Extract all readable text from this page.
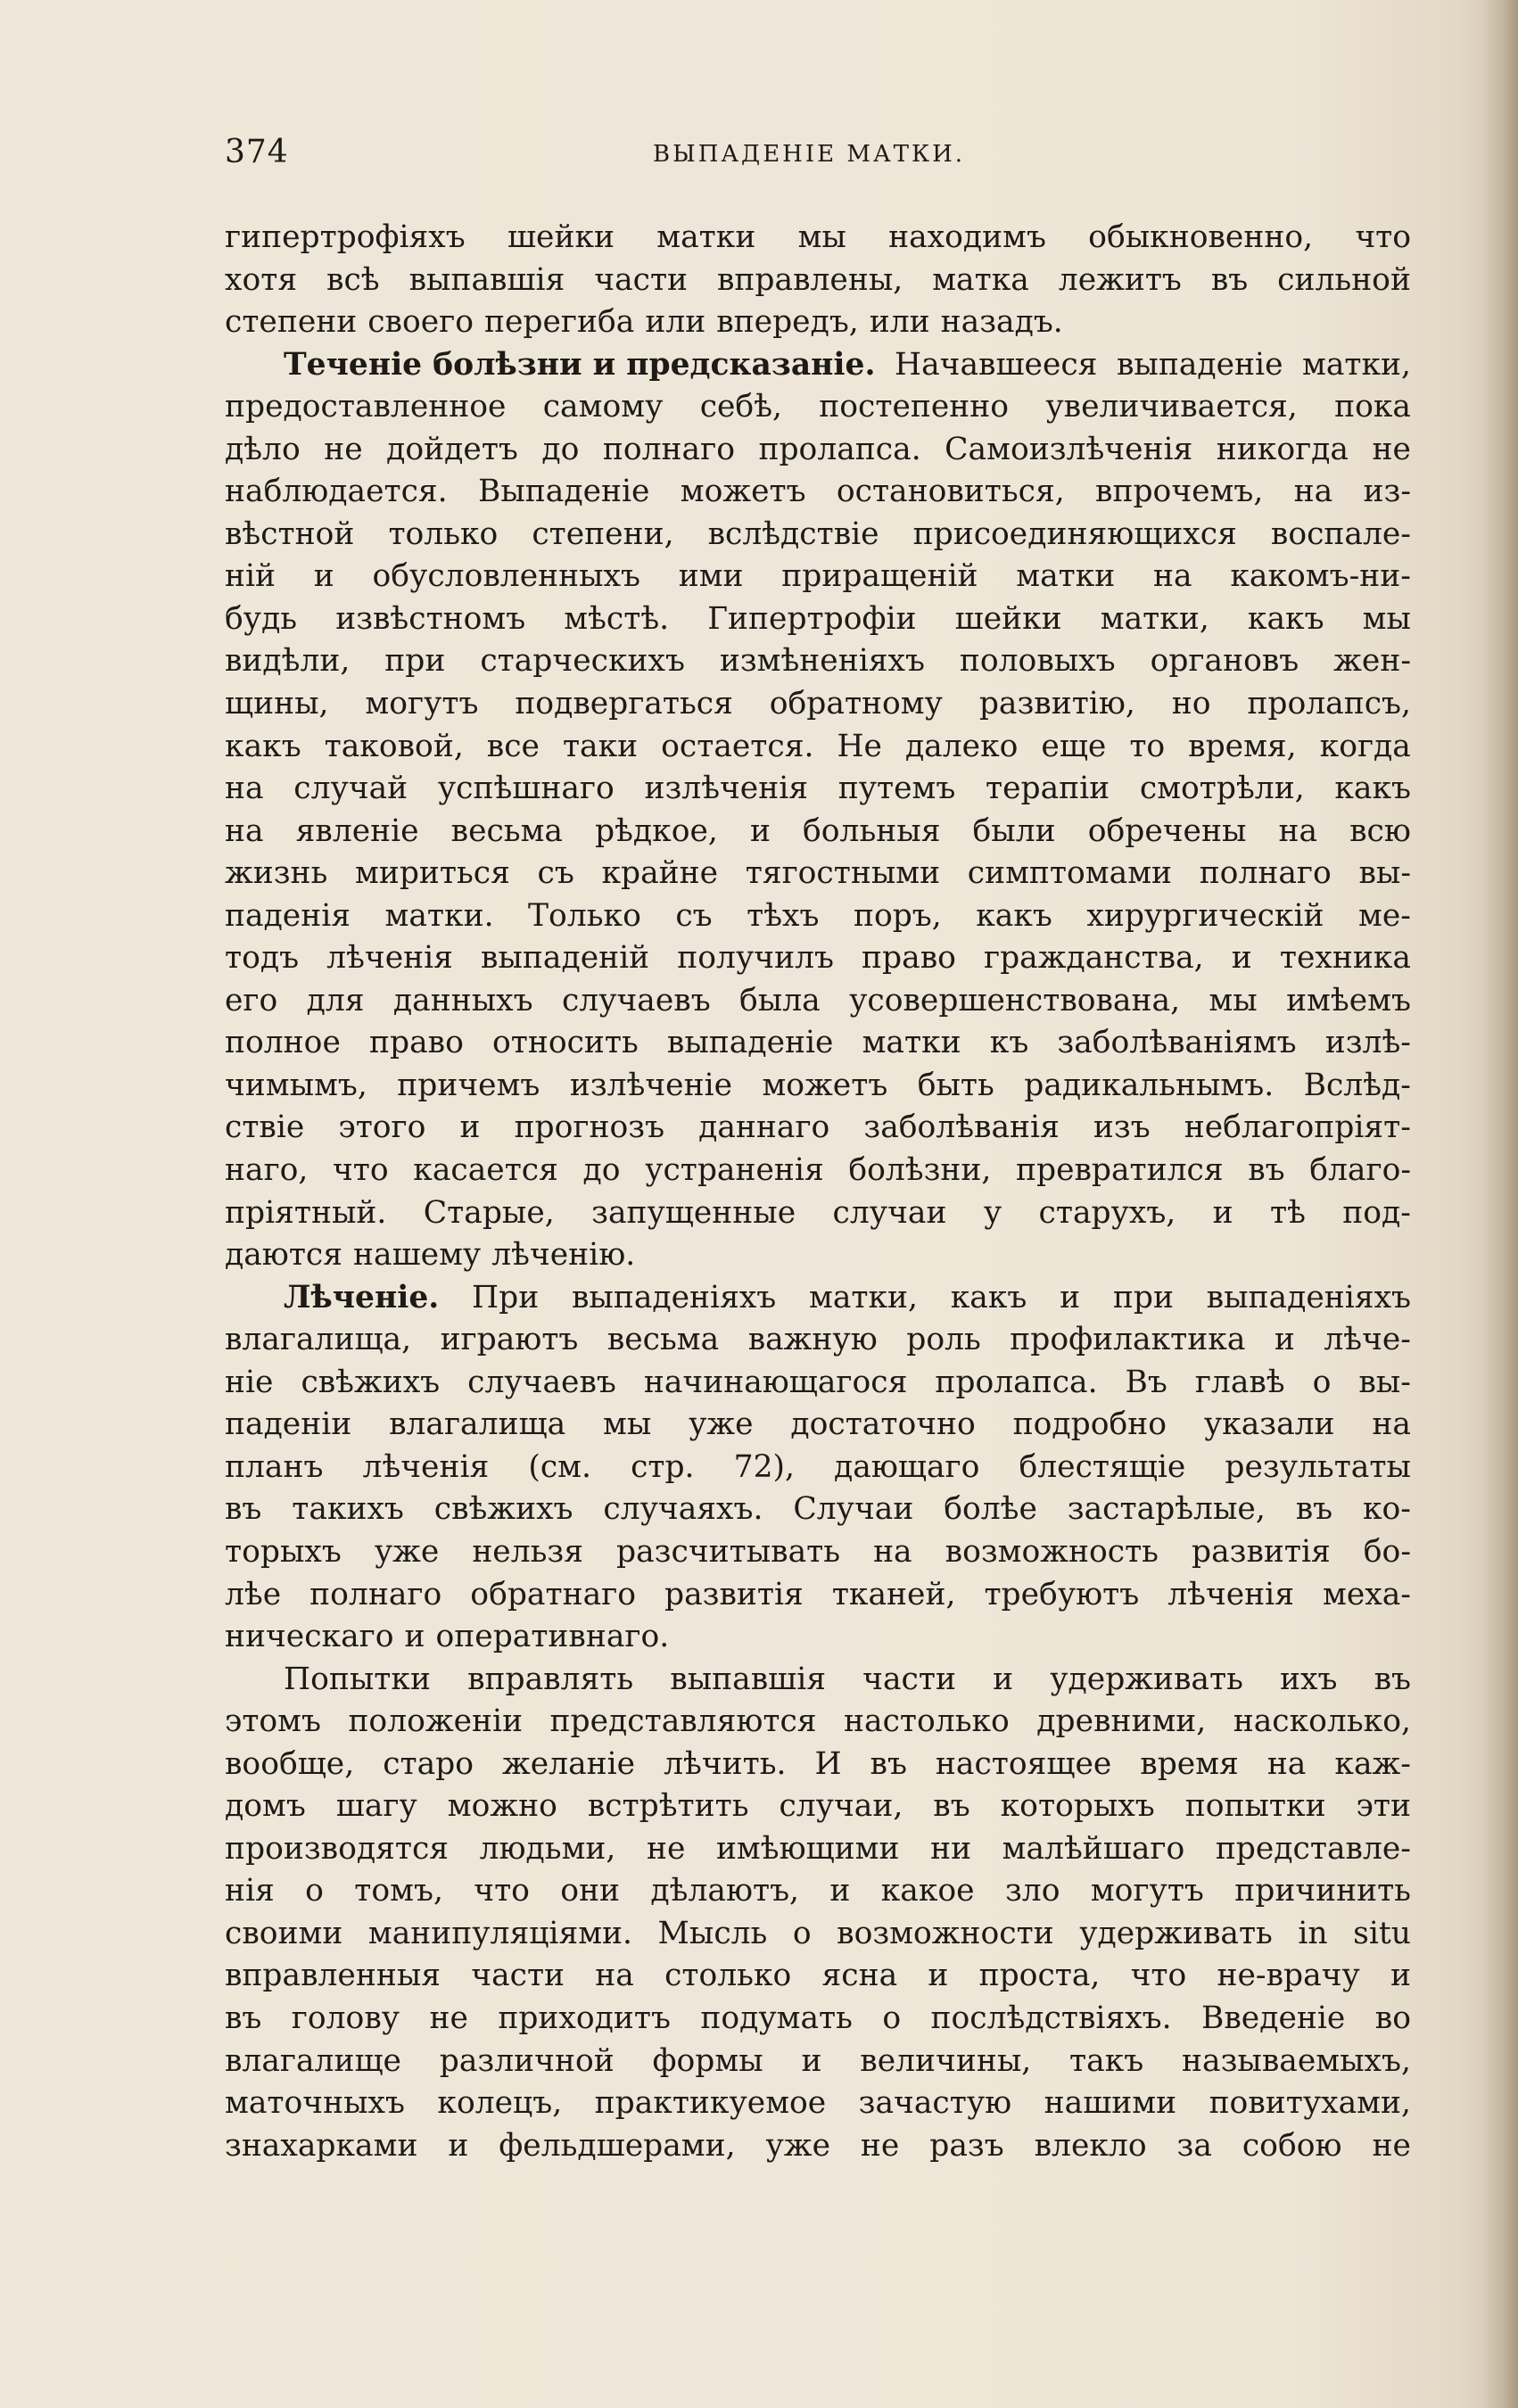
374	ВЫПАДЕНІЕ МАТКИ.
гипертрофіяхъ шейки матки мы находимъ обыкновенно, что
хотя всѣ выпавшія части вправлены, матка лежитъ въ сильной
степени своего перегиба или впередъ, или назадъ.
Теченіе болѣзни и предсказаніе. Начавшееся выпаденіе матки,
предоставленное самому себѣ, постепенно увеличивается, пока
дѣло не дойдетъ до полнаго пролапса. Самоизлѣченія никогда не
наблюдается. Выпаденіе можетъ остановиться, впрочемъ, на из-
вѣстной только степени, вслѣдствіе присоединяющихся воспале-
ній и обусловленныхъ ими приращеній матки на какомъ-ни-
будь извѣстномъ мѣстѣ. Гипертрофіи шейки матки, какъ мы
видѣли, при старческихъ измѣненіяхъ половыхъ органовъ жен-
щины, могутъ подвергаться обратному развитію, но пролапсъ,
какъ таковой, все таки остается. Не далеко еще то время, когда
на случай успѣшнаго излѣченія путемъ терапіи смотрѣли, какъ
на явленіе весьма рѣдкое, и больныя были обречены на всю
жизнь мириться съ крайне тягостными симптомами полнаго вы-
паденія матки. Только съ тѣхъ поръ, какъ хирургическій ме-
тодъ лѣченія выпаденій получилъ право гражданства, и техника
его для данныхъ случаевъ была усовершенствована, мы имѣемъ
полное право относить выпаденіе матки къ заболѣваніямъ излѣ-
чимымъ, причемъ излѣченіе можетъ быть радикальнымъ. Вслѣд-
ствіе этого и прогнозъ даннаго заболѣванія изъ неблагопріят-
наго, что касается до устраненія болѣзни, превратился въ благо-
пріятный. Старые, запущенные случаи у старухъ, и тѣ под-
даются нашему лѣченію.
Лѣченіе. При выпаденіяхъ матки, какъ и при выпаденіяхъ
влагалища, играютъ весьма важную роль профилактика и лѣче-
ніе свѣжихъ случаевъ начинающагося пролапса. Въ главѣ о вы-
паденіи влагалища мы уже достаточно подробно указали на
планъ лѣченія (см. стр. 72), дающаго блестящіе результаты
въ такихъ свѣжихъ случаяхъ. Случаи болѣе застарѣлые, въ ко-
торыхъ уже нельзя разсчитывать на возможность развитія бо-
лѣе полнаго обратнаго развитія тканей, требуютъ лѣченія меха-
ническаго и оперативнаго.
Попытки вправлять выпавшія части и удерживать ихъ въ
этомъ положеніи представляются настолько древними, насколько,
вообще, старо желаніе лѣчить. И въ настоящее время на каж-
домъ шагу можно встрѣтить случаи, въ которыхъ попытки эти
производятся людьми, не имѣющими ни малѣйшаго представле-
нія о томъ, что они дѣлаютъ, и какое зло могутъ причинить
своими манипуляціями. Мысль о возможности удерживать in situ
вправленныя части на столько ясна и проста, что не-врачу и
въ голову не приходитъ подумать о послѣдствіяхъ. Введеніе во
влагалище различной формы и величины, такъ называемыхъ,
маточныхъ колецъ, практикуемое зачастую нашими повитухами,
знахарками и фельдшерами, уже не разъ влекло за собою не
